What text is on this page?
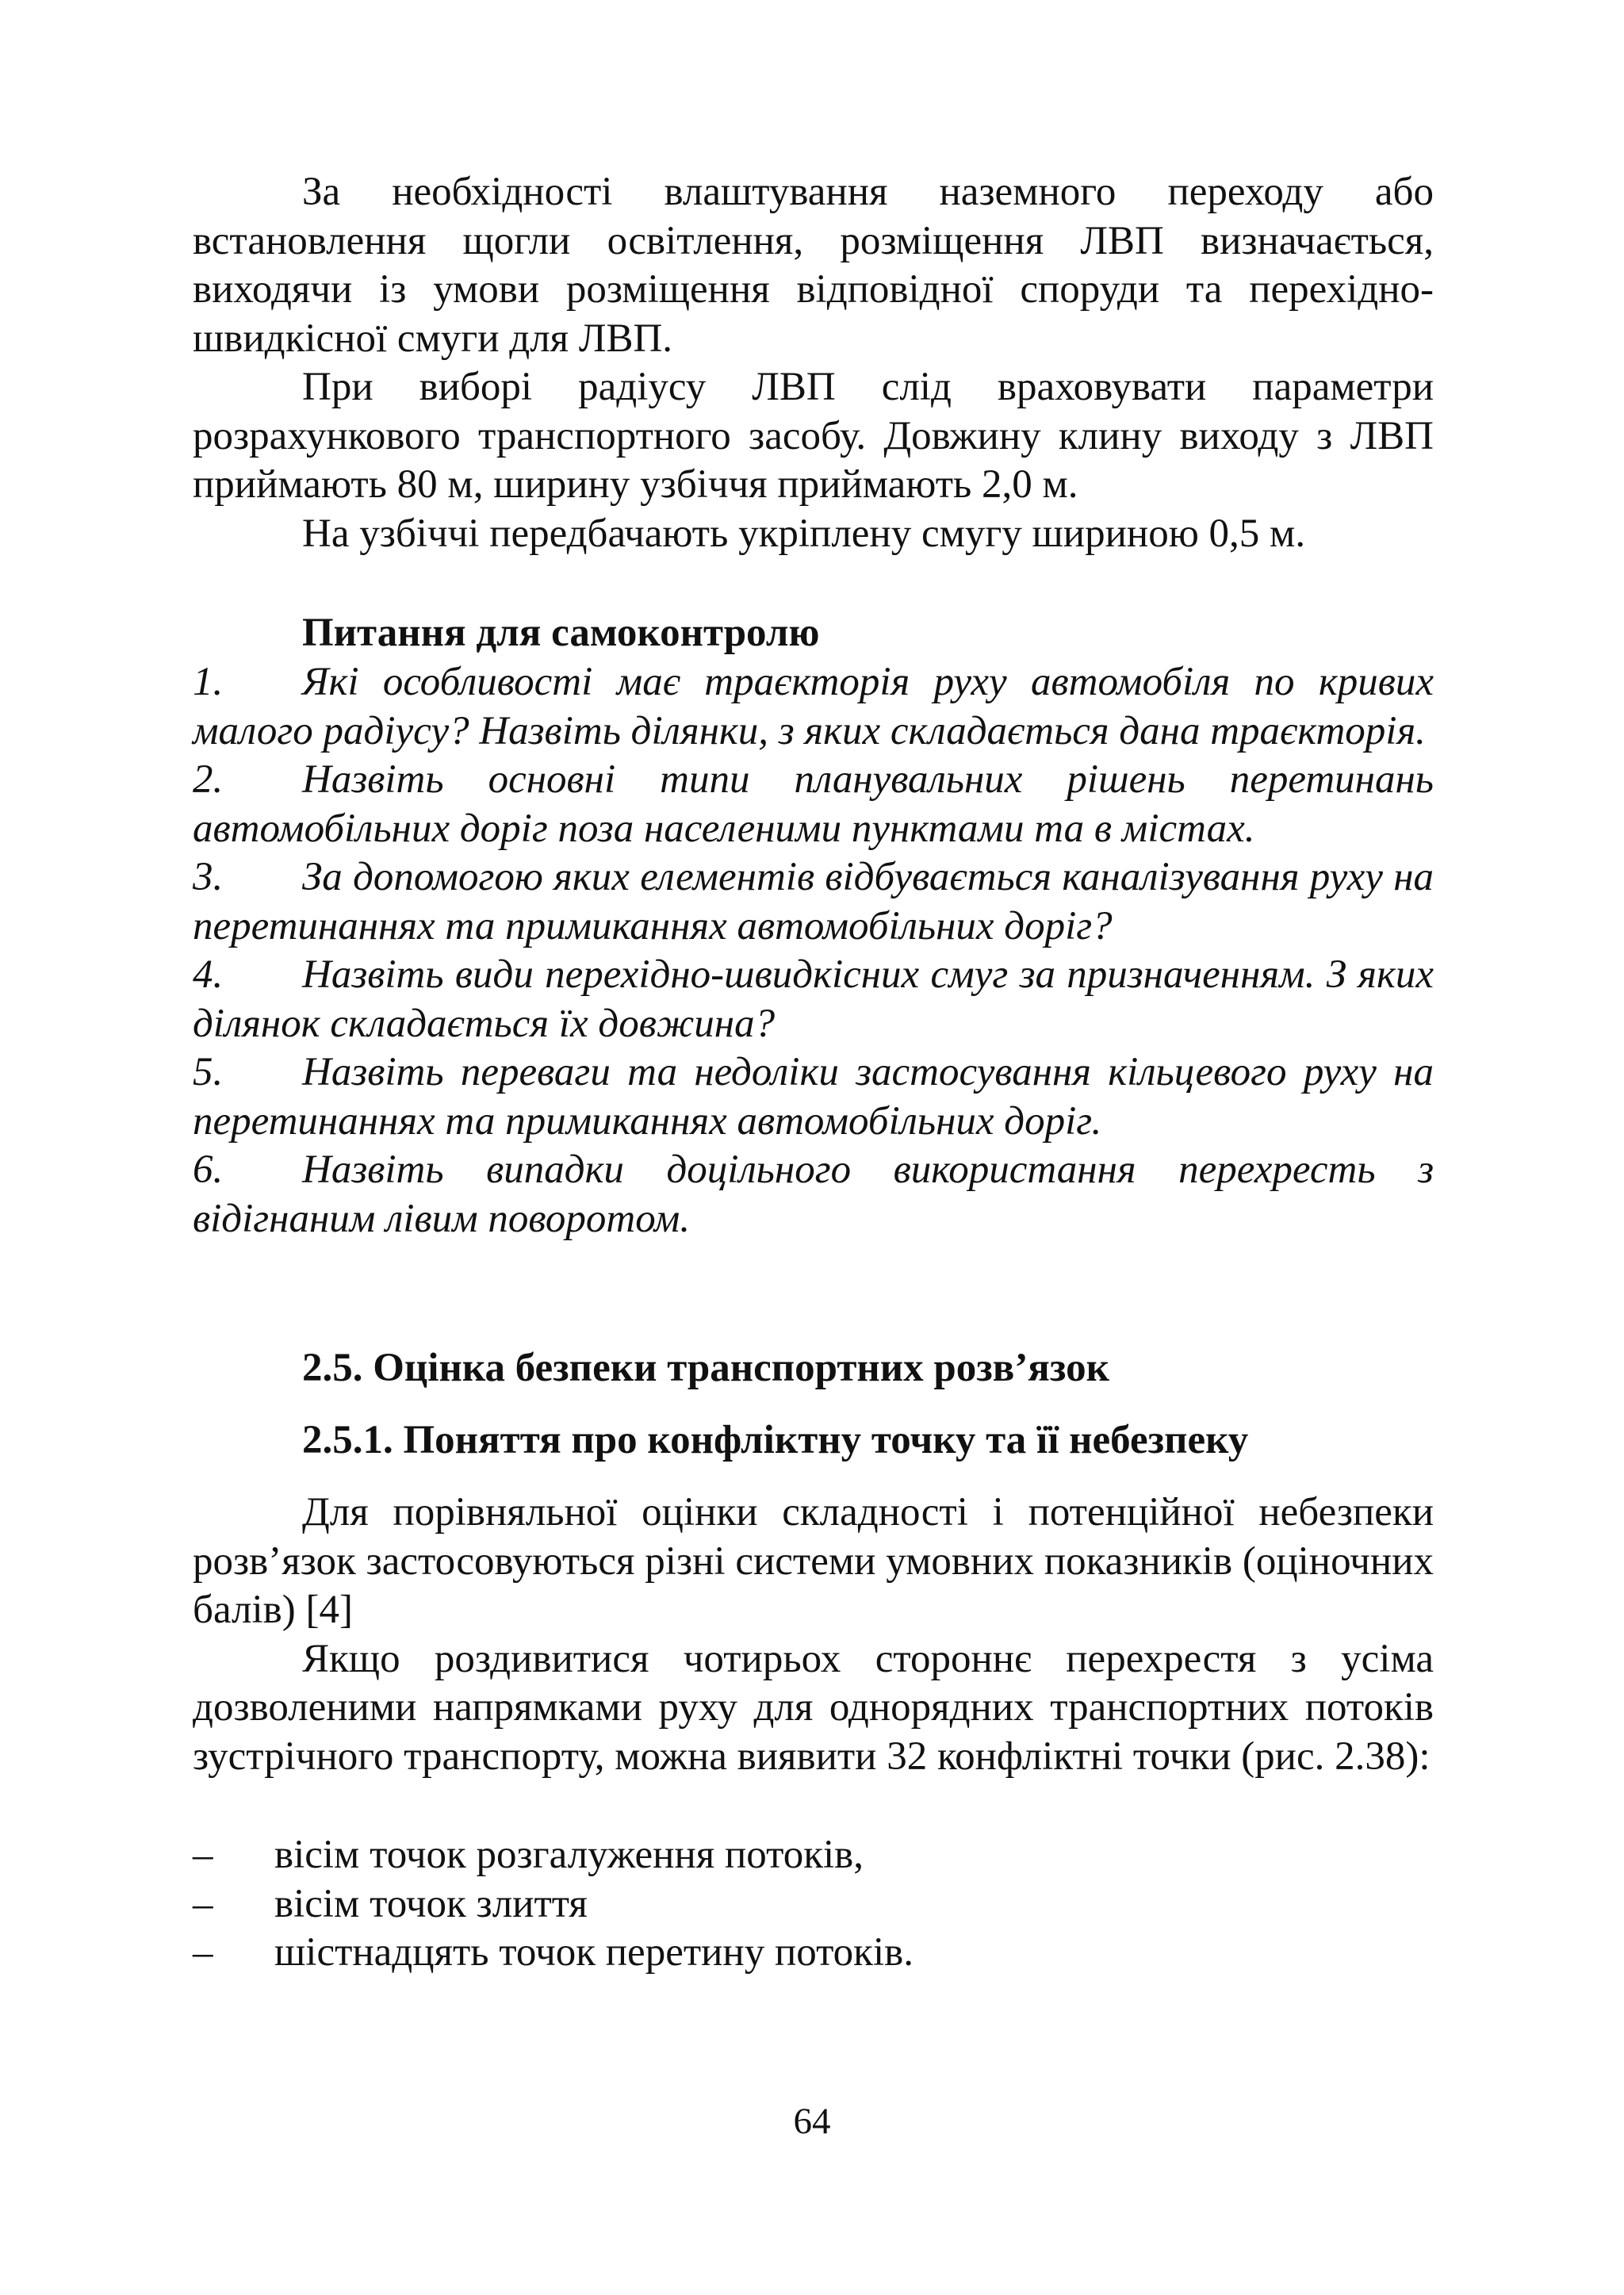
За необхідності влаштування наземного переходу або встановлення щогли освітлення, розміщення ЛВП визначається, виходячи із умови розміщення відповідної споруди та перехідно-швидкісної смуги для ЛВП.

При виборі радіусу ЛВП слід враховувати параметри розрахункового транспортного засобу. Довжину клину виходу з ЛВП приймають 80 м, ширину узбіччя приймають 2,0 м.

На узбіччі передбачають укріплену смугу шириною 0,5 м.

Питання для самоконтролю
1. Які особливості має траєкторія руху автомобіля по кривих малого радіусу? Назвіть ділянки, з яких складається дана траєкторія.
2. Назвіть основні типи планувальних рішень перетинань автомобільних доріг поза населеними пунктами та в містах.
3. За допомогою яких елементів відбувається каналізування руху на перетинаннях та примиканнях автомобільних доріг?
4. Назвіть види перехідно-швидкісних смуг за призначенням. З яких ділянок складається їх довжина?
5. Назвіть переваги та недоліки застосування кільцевого руху на перетинаннях та примиканнях автомобільних доріг.
6. Назвіть випадки доцільного використання перехресть з відігнаним лівим поворотом.
2.5. Оцінка безпеки транспортних розв’язок
2.5.1. Поняття про конфліктну точку та її небезпеку

Для порівняльної оцінки складності і потенційної небезпеки розв’язок застосовуються різні системи умовних показників (оціночних балів) [4]

Якщо роздивитися чотирьох стороннє перехрестя з усіма дозволеними напрямками руху для однорядних транспортних потоків зустрічного транспорту, можна виявити 32 конфліктні точки (рис. 2.38):

–	вісім точок розгалуження потоків,
–	вісім точок злиття
–	шістнадцять точок перетину потоків.
64
